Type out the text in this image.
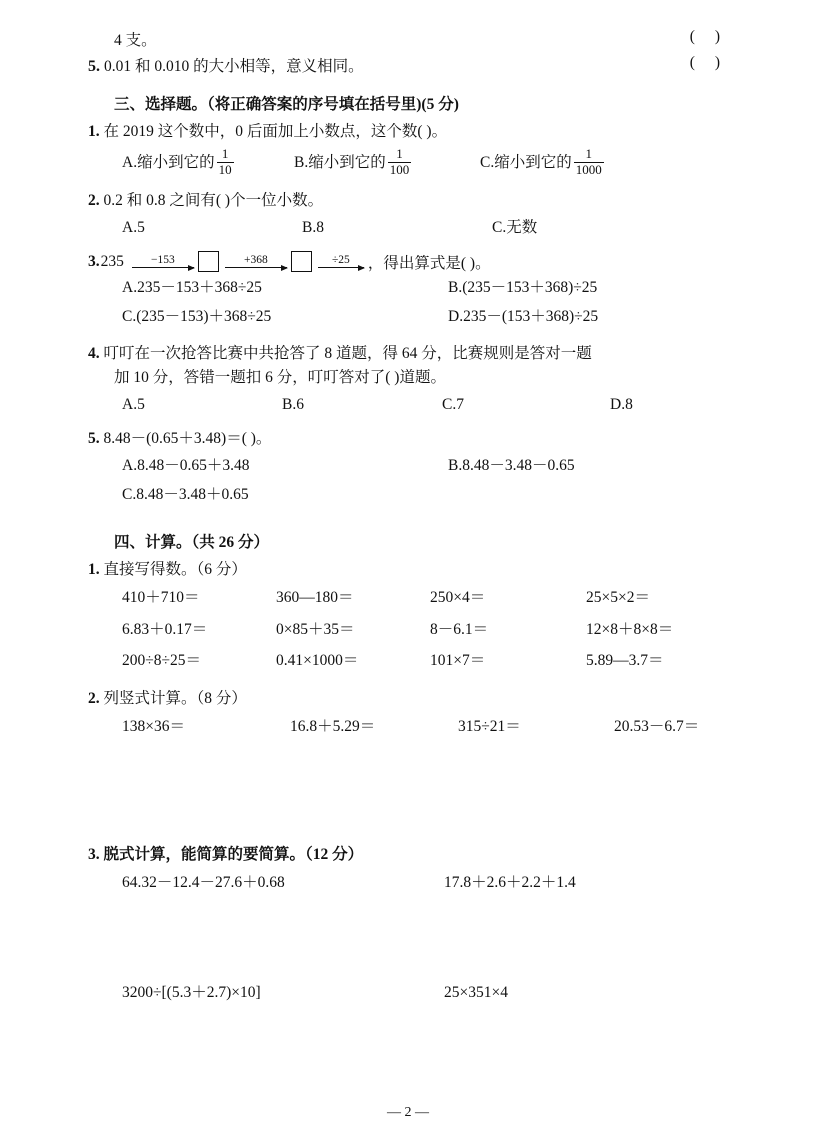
4 支。	( )
5. 0.01 和 0.010 的大小相等，意义相同。	( )
三、选择题。（将正确答案的序号填在括号里)(5 分)
1. 在 2019 这个数中，0 后面加上小数点，这个数( )。
A.缩小到它的 $\frac{1}{10}$	B.缩小到它的 $\frac{1}{100}$	C.缩小到它的 $\frac{1}{1000}$
2. 0.2 和 0.8 之间有( )个一位小数。
A.5	B.8	C.无数
3. 235	−153	+368	÷25	，得出算式是( )。
A.235－153＋368÷25	B.(235－153＋368)÷25
C.(235－153)＋368÷25	D.235－(153＋368)÷25
4. 叮叮在一次抢答比赛中共抢答了 8 道题，得 64 分，比赛规则是答对一题
加 10 分，答错一题扣 6 分，叮叮答对了( )道题。
A.5	B.6	C.7	D.8
5. 8.48－(0.65＋3.48)＝( )。
A.8.48－0.65＋3.48	B.8.48－3.48－0.65
C.8.48－3.48＋0.65
四、计算。（共 26 分）
1. 直接写得数。（6 分）
410＋710＝	360—180＝	250×4＝	25×5×2＝
6.83＋0.17＝	0×85＋35＝	8－6.1＝	12×8＋8×8＝
200÷8÷25＝	0.41×1000＝	101×7＝	5.89—3.7＝
2. 列竖式计算。（8 分）
138×36＝	16.8＋5.29＝	315÷21＝	20.53－6.7＝
3. 脱式计算，能简算的要简算。（12 分）
64.32－12.4－27.6＋0.68	17.8＋2.6＋2.2＋1.4
3200÷[(5.3＋2.7)×10]	25×351×4
— 2 —
